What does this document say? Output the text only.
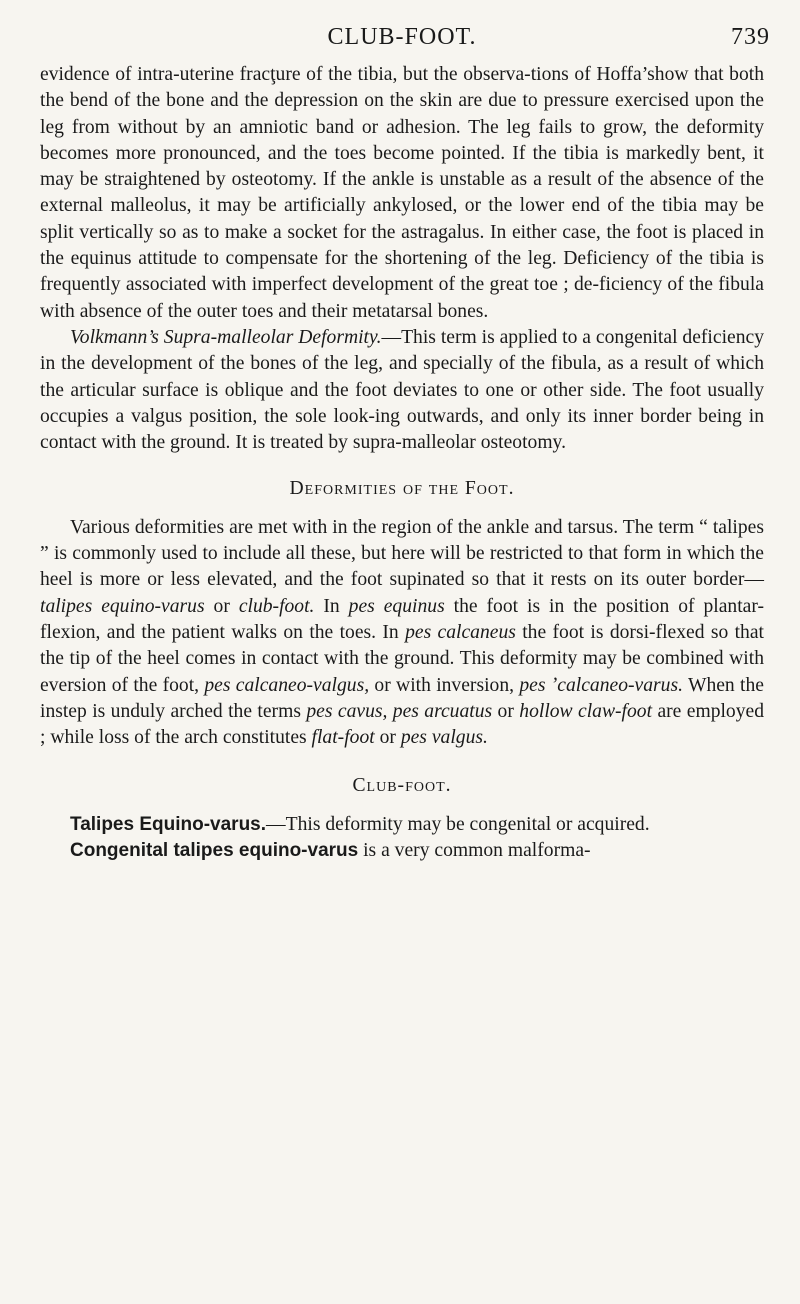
CLUB-FOOT.	739

evidence of intra-uterine fracţure of the tibia, but the observa-tions of Hoffa’show that both the bend of the bone and the depression on the skin are due to pressure exercised upon the leg from without by an amniotic band or adhesion. The leg fails to grow, the deformity becomes more pronounced, and the toes become pointed. If the tibia is markedly bent, it may be straightened by osteotomy. If the ankle is unstable as a result of the absence of the external malleolus, it may be artificially ankylosed, or the lower end of the tibia may be split vertically so as to make a socket for the astragalus. In either case, the foot is placed in the equinus attitude to compensate for the shortening of the leg. Deficiency of the tibia is frequently associated with imperfect development of the great toe ; de-ficiency of the fibula with absence of the outer toes and their metatarsal bones.

Volkmann’s Supra-malleolar Deformity.—This term is applied to a congenital deficiency in the development of the bones of the leg, and specially of the fibula, as a result of which the articular surface is oblique and the foot deviates to one or other side. The foot usually occupies a valgus position, the sole look-ing outwards, and only its inner border being in contact with the ground. It is treated by supra-malleolar osteotomy.

Deformities of the Foot.

Various deformities are met with in the region of the ankle and tarsus. The term “ talipes ” is commonly used to include all these, but here will be restricted to that form in which the heel is more or less elevated, and the foot supinated so that it rests on its outer border—talipes equino-varus or club-foot. In pes equinus the foot is in the position of plantar-flexion, and the patient walks on the toes. In pes calcaneus the foot is dorsi-flexed so that the tip of the heel comes in contact with the ground. This deformity may be combined with eversion of the foot, pes calcaneo-valgus, or with inversion, pes ʼcalcaneo-varus. When the instep is unduly arched the terms pes cavus, pes arcuatus or hollow claw-foot are employed ; while loss of the arch constitutes flat-foot or pes valgus.

Club-foot.

Talipes Equino-varus.—This deformity may be congenital or acquired.

Congenital talipes equino-varus is a very common malforma-
